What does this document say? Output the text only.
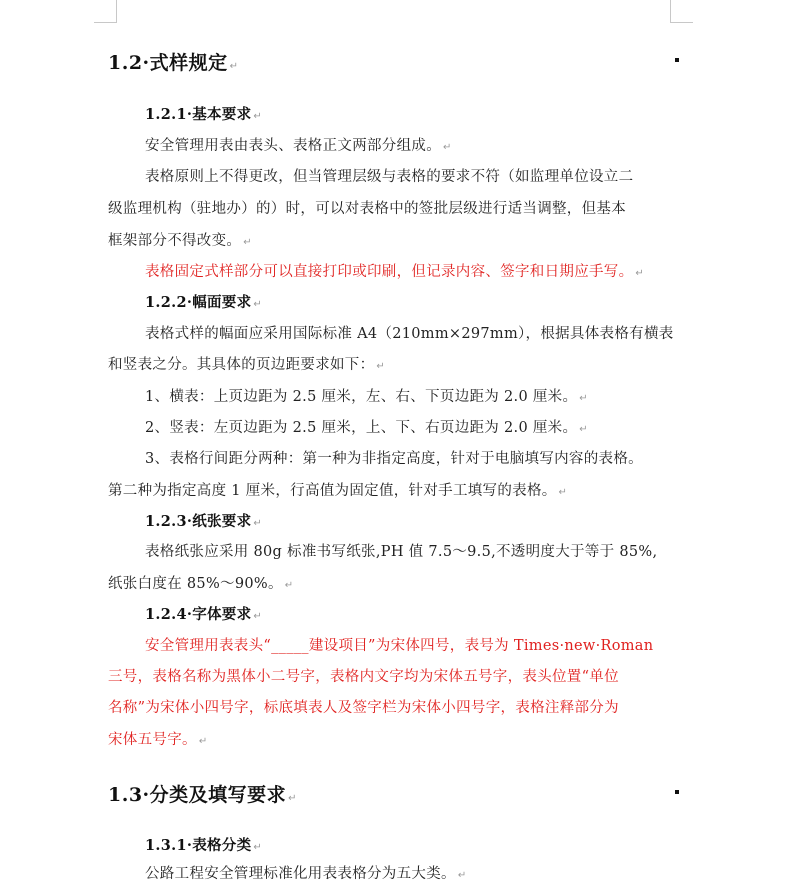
1.2·式样规定 ↵
1.2.1·基本要求 ↵
安全管理用表由表头、表格正文两部分组成。 ↵
表格原则上不得更改，但当管理层级与表格的要求不符（如监理单位设立二
级监理机构（驻地办）的）时，可以对表格中的签批层级进行适当调整，但基本
框架部分不得改变。 ↵
表格固定式样部分可以直接打印或印刷，但记录内容、签字和日期应手写。 ↵
1.2.2·幅面要求 ↵
表格式样的幅面应采用国际标准 A4（210mm×297mm），根据具体表格有横表
和竖表之分。其具体的页边距要求如下： ↵
1、横表：上页边距为 2.5 厘米，左、右、下页边距为 2.0 厘米。 ↵
2、竖表：左页边距为 2.5 厘米，上、下、右页边距为 2.0 厘米。 ↵
3、表格行间距分两种：第一种为非指定高度，针对于电脑填写内容的表格。
第二种为指定高度 1 厘米，行高值为固定值，针对手工填写的表格。 ↵
1.2.3·纸张要求 ↵
表格纸张应采用 80g 标准书写纸张,PH 值 7.5～9.5,不透明度大于等于 85%,
纸张白度在 85%～90%。 ↵
1.2.4·字体要求 ↵
安全管理用表表头“_____建设项目”为宋体四号，表号为 Times·new·Roman
三号，表格名称为黑体小二号字，表格内文字均为宋体五号字，表头位置“单位
名称”为宋体小四号字，标底填表人及签字栏为宋体小四号字，表格注释部分为
宋体五号字。 ↵
1.3·分类及填写要求 ↵
1.3.1·表格分类 ↵
公路工程安全管理标准化用表表格分为五大类。 ↵
